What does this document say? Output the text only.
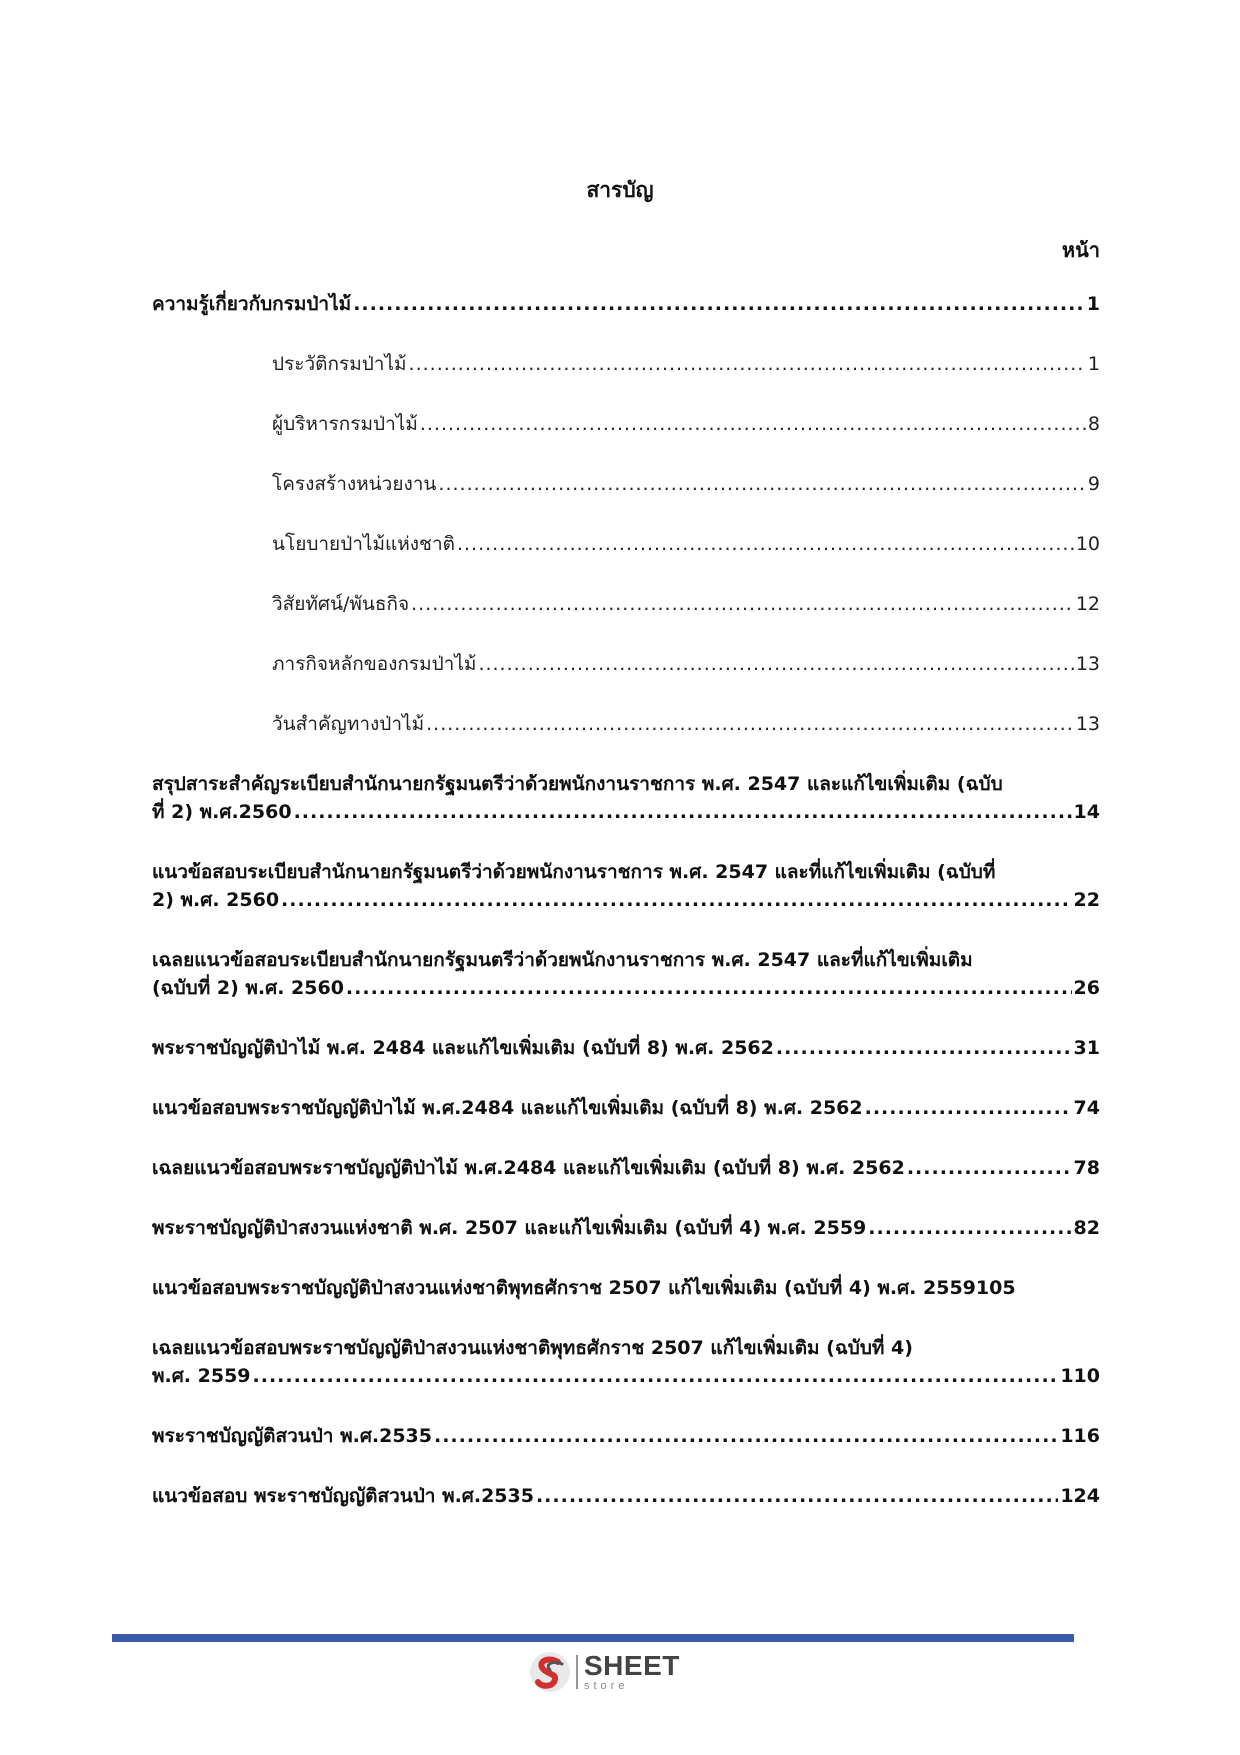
สารบัญ
หน้า
ความรู้เกี่ยวกับกรมป่าไม้ .....	1
ประวัติกรมป่าไม้ .....	1
ผู้บริหารกรมป่าไม้ .....	8
โครงสร้างหน่วยงาน .....	9
นโยบายป่าไม้แห่งชาติ .....	10
วิสัยทัศน์/พันธกิจ .....	12
ภารกิจหลักของกรมป่าไม้ .....	13
วันสำคัญทางป่าไม้ .....	13
สรุปสาระสำคัญระเบียบสำนักนายกรัฐมนตรีว่าด้วยพนักงานราชการ พ.ศ. 2547 และแก้ไขเพิ่มเติม (ฉบับ
ที่ 2) พ.ศ.2560 .....	14
แนวข้อสอบระเบียบสำนักนายกรัฐมนตรีว่าด้วยพนักงานราชการ พ.ศ. 2547 และที่แก้ไขเพิ่มเติม (ฉบับที่
2) พ.ศ. 2560 .....	22
เฉลยแนวข้อสอบระเบียบสำนักนายกรัฐมนตรีว่าด้วยพนักงานราชการ พ.ศ. 2547 และที่แก้ไขเพิ่มเติม
(ฉบับที่ 2) พ.ศ. 2560 .....	26
พระราชบัญญัติป่าไม้ พ.ศ. 2484 และแก้ไขเพิ่มเติม (ฉบับที่ 8) พ.ศ. 2562 .....	31
แนวข้อสอบพระราชบัญญัติป่าไม้ พ.ศ.2484 และแก้ไขเพิ่มเติม (ฉบับที่ 8) พ.ศ. 2562 .....	74
เฉลยแนวข้อสอบพระราชบัญญัติป่าไม้ พ.ศ.2484 และแก้ไขเพิ่มเติม (ฉบับที่ 8) พ.ศ. 2562 .....	78
พระราชบัญญัติป่าสงวนแห่งชาติ พ.ศ. 2507 และแก้ไขเพิ่มเติม (ฉบับที่ 4) พ.ศ. 2559 .....	82
แนวข้อสอบพระราชบัญญัติป่าสงวนแห่งชาติพุทธศักราช 2507 แก้ไขเพิ่มเติม (ฉบับที่ 4) พ.ศ. 2559 105
เฉลยแนวข้อสอบพระราชบัญญัติป่าสงวนแห่งชาติพุทธศักราช 2507 แก้ไขเพิ่มเติม (ฉบับที่ 4)
พ.ศ. 2559 .....	110
พระราชบัญญัติสวนป่า พ.ศ.2535 .....	116
แนวข้อสอบ พระราชบัญญัติสวนป่า พ.ศ.2535 .....	124
SHEET
store
